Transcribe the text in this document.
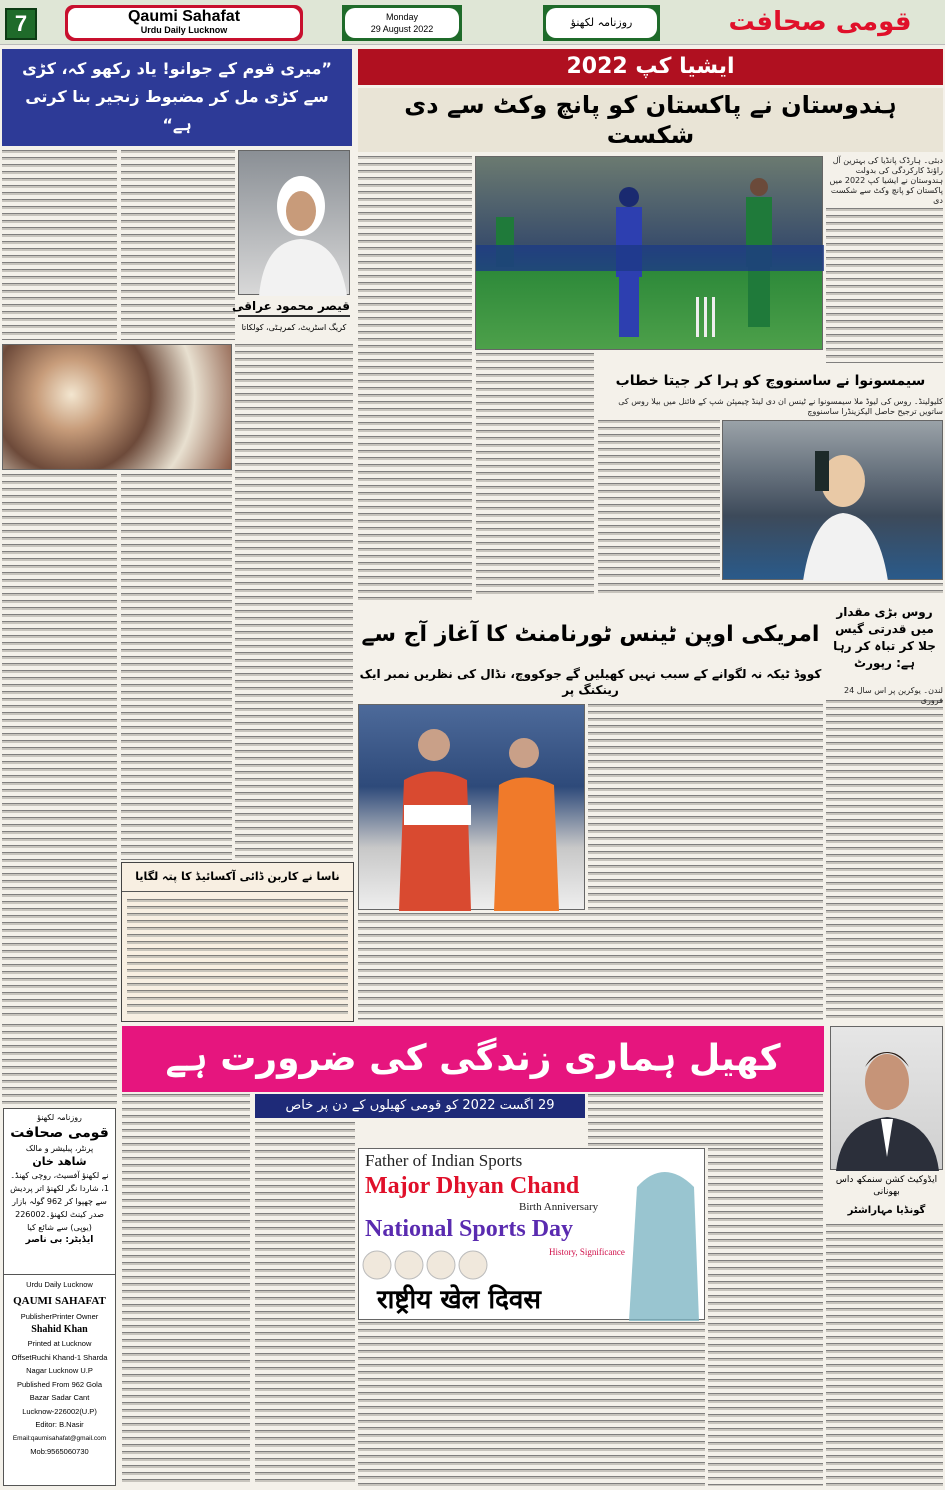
7	Qaumi Sahafat
Urdu Daily Lucknow
Monday
29 August 2022	روزنامہ لکھنؤ	قومی صحافت
”میری قوم کے جوانو! یاد رکھو کہ، کڑی سے کڑی مل کر مضبوط زنجیر بنا کرتی ہے“
قیصر محمود عراقی
کریگ اسٹریٹ، کمرہٹی، کولکاتا
ناسا نے کاربن ڈائی آکسائیڈ کا پتہ لگایا
روزنامہ لکھنؤ
قومی صحافت
پرنٹر، پبلیشر و مالک
شاهد خان
نے لکھنؤ آفسیٹ، روچی کھنڈ۔1، شاردا نگر لکھنؤ اتر پردیش سے چھپوا کر 962 گولہ بازار صدر کینٹ لکھنؤ۔226002 (یوپی) سے شائع کیا
ایڈیٹر: بی ناصر
Urdu Daily Lucknow
QAUMI SAHAFAT
PublisherPrinter Owner
Shahid Khan
Printed at Lucknow
OffsetRuchi Khand-1 Sharda
Nagar Lucknow U.P
Published From 962 Gola
Bazar Sadar Cant
Lucknow-226002(U.P)
Editor: B.Nasir
Email:qaumisahafat@gmail.com
Mob:9565060730
ایشیا کپ 2022
ہندوستان نے پاکستان کو پانچ وکٹ سے دی شکست
دبئی۔ ہارڈک پانڈیا کی بہترین آل راؤنڈ کارکردگی کی بدولت ہندوستان نے ایشیا کپ 2022 میں پاکستان کو پانچ وکٹ سے شکست دی
سیمسونوا نے ساسنووچ کو ہرا کر جیتا خطاب
کلیولینڈ۔ روس کی لیوڈ ملا سیمسونوا نے ٹینس ان دی لینڈ چیمپئن شپ کے فائنل میں بیلا روس کی ساتویں ترجیح حاصل الیکزینڈرا ساسنووچ
امریکی اوپن ٹینس ٹورنامنٹ کا آغاز آج سے
کووڈ ٹیکہ نہ لگوانے کے سبب نہیں کھیلیں گے جوکووچ، نڈال کی نظریں نمبر ایک رینکنگ پر
روس بڑی مقدار میں قدرتی گیس جلا کر تباہ کر رہا ہے: رپورٹ
لندن۔ یوکرین پر اس سال 24 فروری
کھیل ہماری زندگی کی ضرورت ہے
29 اگست 2022 کو قومی کھیلوں کے دن پر خاص
ایڈوکیٹ کشن سنمکھ داس بھونانی
گونڈیا مہاراشٹر
Father of Indian Sports
Major Dhyan Chand
Birth Anniversary
National Sports Day
History, Significance
राष्ट्रीय खेल दिवस
